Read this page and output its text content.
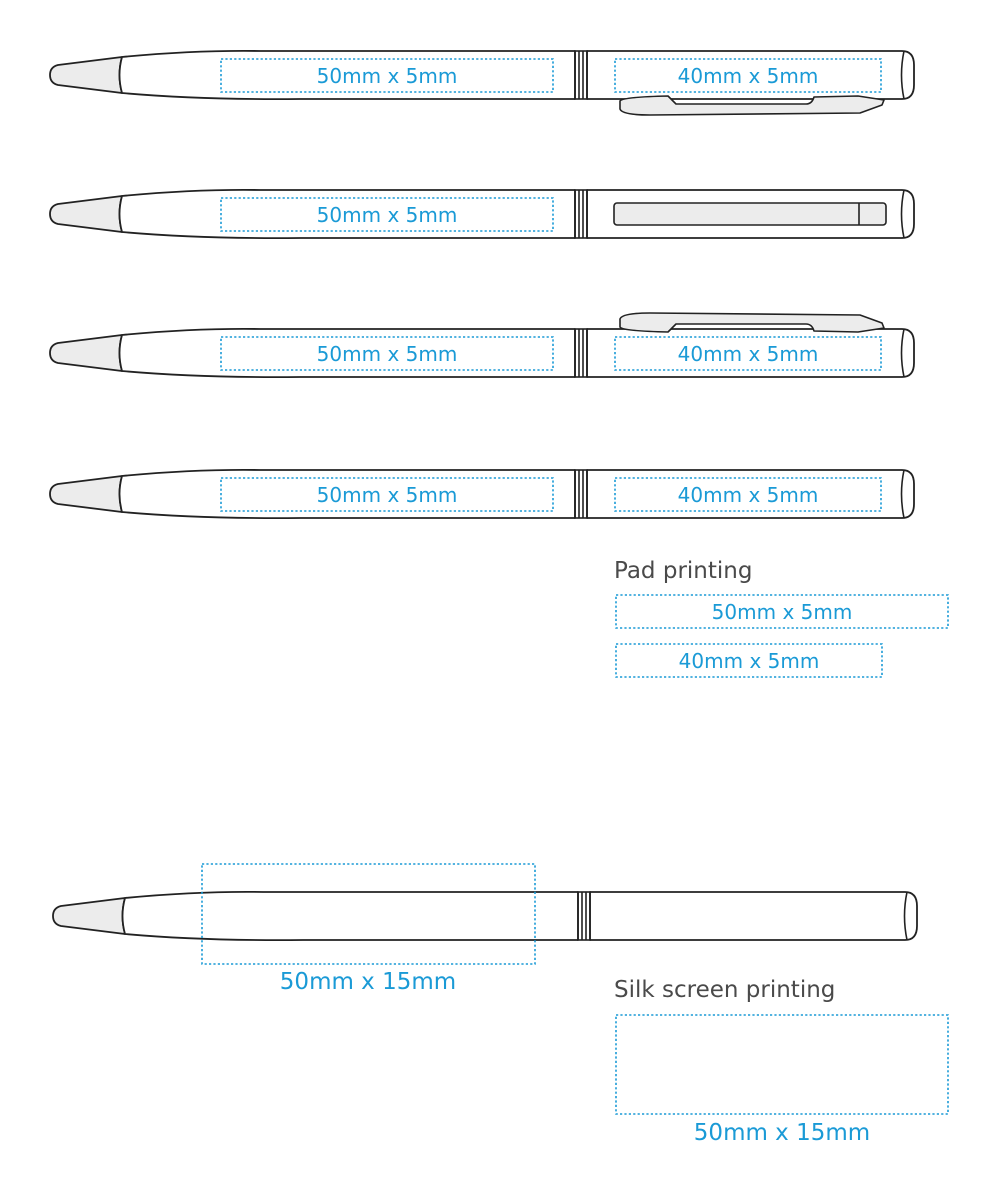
50mm x 5mm	40mm x 5mm
50mm x 5mm
50mm x 5mm	40mm x 5mm
50mm x 5mm	40mm x 5mm
Pad printing
50mm x 5mm
40mm x 5mm
50mm x 15mm	Silk screen printing
50mm x 15mm
